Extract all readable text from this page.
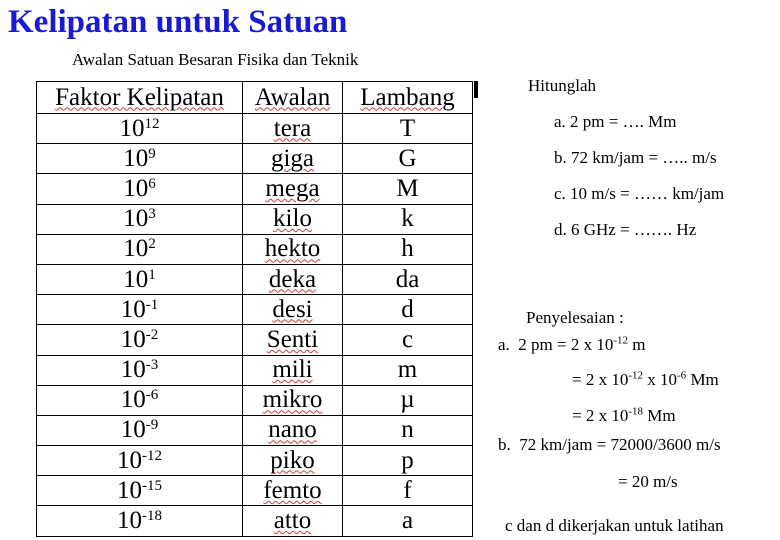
Kelipatan untuk Satuan
Awalan Satuan Besaran Fisika dan Teknik
Faktor Kelipatan	Awalan	Lambang
$10^{12}$	tera	T
$10^9$	giga	G
$10^6$	mega	M
$10^3$	kilo	k
$10^2$	hekto	h
$10^1$	deka	da
$10^{-1}$	desi	d
$10^{-2}$	Senti	c
$10^{-3}$	mili	m
$10^{-6}$	mikro	µ
$10^{-9}$	nano	n
$10^{-12}$	piko	p
$10^{-15}$	femto	f
$10^{-18}$	atto	a
Hitunglah
a. 2 pm = …. Mm
b. 72 km/jam = ….. m/s
c. 10 m/s = …… km/jam
d. 6 GHz = ……. Hz
Penyelesaian :
a. 2 pm = 2 x $10^{-12}$ m
= 2 x $10^{-12}$ x $10^{-6}$ Mm
= 2 x $10^{-18}$ Mm
b. 72 km/jam = 72000/3600 m/s
= 20 m/s
c dan d dikerjakan untuk latihan
